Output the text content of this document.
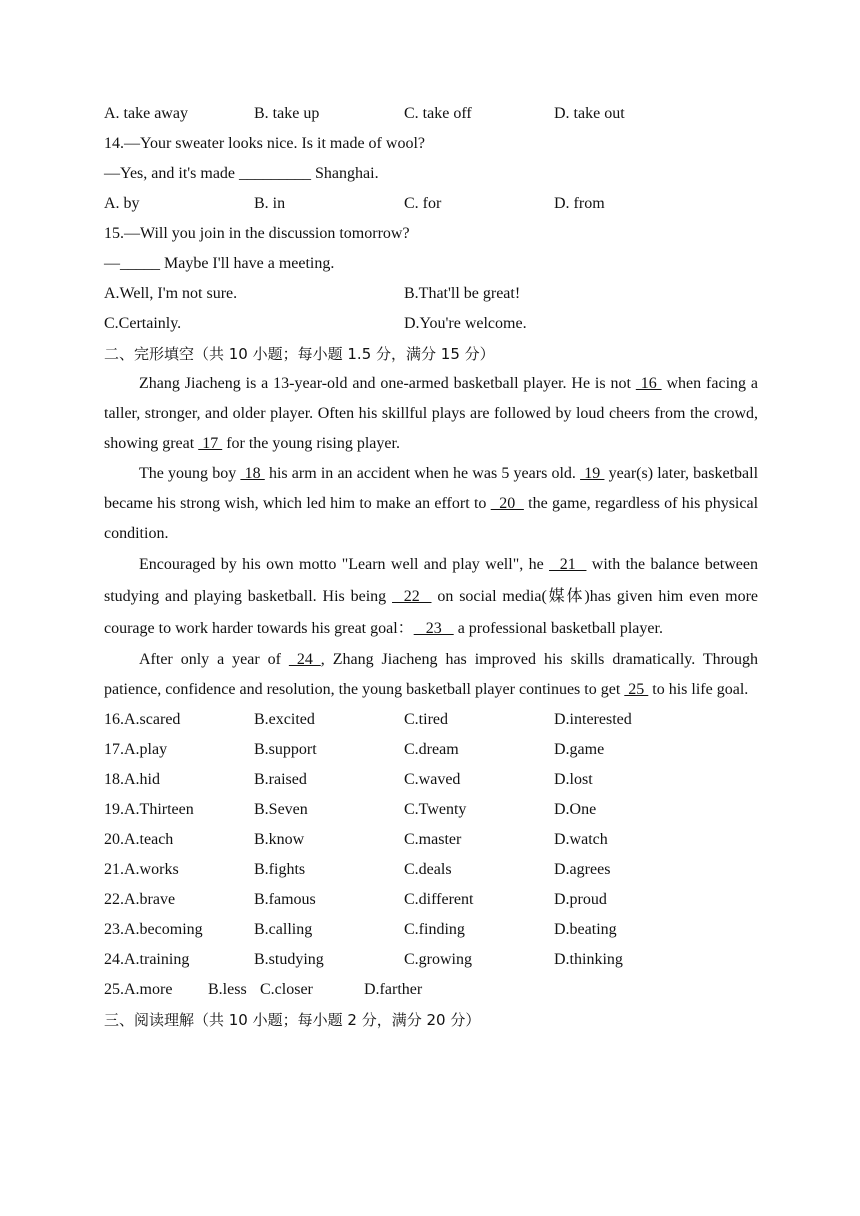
A. take away	B. take up	C. take off	D. take out
14.—Your sweater looks nice. Is it made of wool?
—Yes, and it's made _________ Shanghai.
A. by	B. in	C. for	D. from
15.—Will you join in the discussion tomorrow?
—_____ Maybe I'll have a meeting.
A.Well, I'm not sure.	B.That'll be great!
C.Certainly.	D.You're welcome.
二、完形填空（共 10 小题；每小题 1.5 分，满分 15 分）

Zhang Jiacheng is a 13-year-old and one-armed basketball player. He is not  16  when facing a taller, stronger, and older player. Often his skillful plays are followed by loud cheers from the crowd, showing great  17  for the young rising player.

The young boy  18  his arm in an accident when he was 5 years old.  19  year(s) later, basketball became his strong wish, which led him to make an effort to   20   the game, regardless of his physical condition.

Encouraged by his own motto "Learn well and play well", he   21   with the balance between studying and playing basketball. His being   22   on social media(媒体)has given him even more courage to work harder towards his great goal：   23    a professional basketball player.

After only a year of  24 , Zhang Jiacheng has improved his skills dramatically. Through patience, confidence and resolution, the young basketball player continues to get  25  to his life goal.

16.A.scared	B.excited	C.tired	D.interested
17.A.play	B.support	C.dream	D.game
18.A.hid	B.raised	C.waved	D.lost
19.A.Thirteen	B.Seven	C.Twenty	D.One
20.A.teach	B.know	C.master	D.watch
21.A.works	B.fights	C.deals	D.agrees
22.A.brave	B.famous	C.different	D.proud
23.A.becoming	B.calling	C.finding	D.beating
24.A.training	B.studying	C.growing	D.thinking
25.A.more B.less C.closer	D.farther
三、阅读理解（共 10 小题；每小题 2 分，满分 20 分）
